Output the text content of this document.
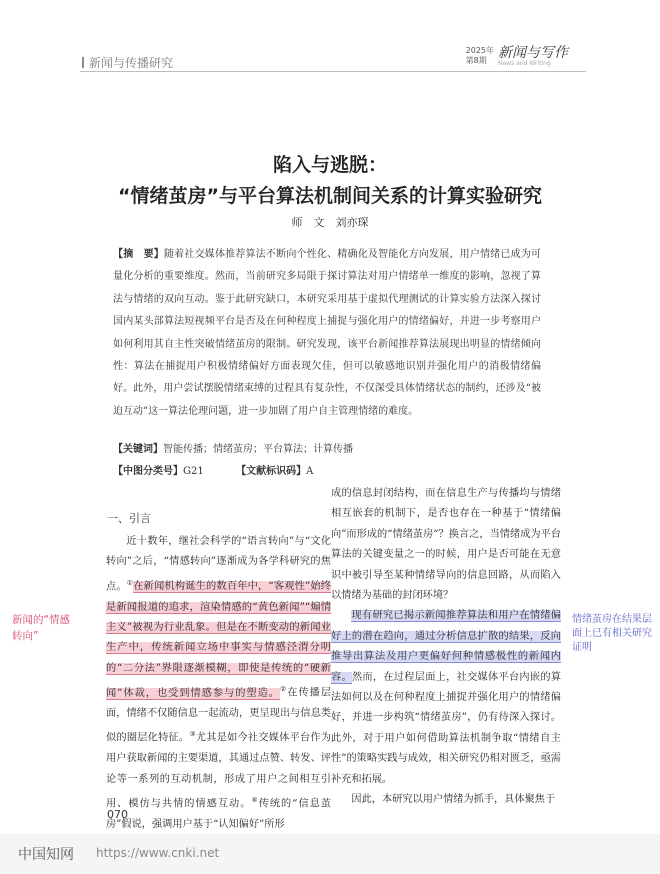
新闻与传播研究
2025年
第8期 新闻与写作
News and Writing
陷入与逃脱：
“情绪茧房”与平台算法机制间关系的计算实验研究
师　文　刘亦琛
【摘　要】随着社交媒体推荐算法不断向个性化、精确化及智能化方向发展，用户情绪已成为可量化分析的重要维度。然而，当前研究多局限于探讨算法对用户情绪单一维度的影响，忽视了算法与情绪的双向互动。鉴于此研究缺口，本研究采用基于虚拟代理测试的计算实验方法深入探讨国内某头部算法短视频平台是否及在何种程度上捕捉与强化用户的情绪偏好，并进一步考察用户如何利用其自主性突破情绪茧房的限制。研究发现，该平台新闻推荐算法展现出明显的情绪倾向性：算法在捕捉用户积极情绪偏好方面表现欠佳，但可以敏感地识别并强化用户的消极情绪偏好。此外，用户尝试摆脱情绪束缚的过程具有复杂性，不仅深受具体情绪状态的制约，还涉及“被迫互动”这一算法伦理问题，进一步加剧了用户自主管理情绪的难度。
【关键词】智能传播；情绪茧房；平台算法；计算传播
【中图分类号】G21	【文献标识码】A
一、引言

近十数年，继社会科学的“语言转向”与“文化转向”之后，“情感转向”逐渐成为各学科研究的焦点。①在新闻机构诞生的数百年中，“客观性”始终是新闻报道的追求，渲染情感的“黄色新闻”“煽情主义”被视为行业乱象。但是在不断变动的新闻业生产中，传统新闻立场中事实与情感泾渭分明的“二分法”界限逐渐模糊，即使是传统的“硬新闻”体裁，也受到情感参与的塑造。②在传播层面，情绪不仅随信息一起流动，更呈现出与信息类似的圈层化特征。③尤其是如今社交媒体平台作为用户获取新闻的主要渠道，其通过点赞、转发、评论等一系列的互动机制，形成了用户之间相互引用、模仿与共情的情感互动。④传统的“信息茧房”假说，强调用户基于“认知偏好”所形

成的信息封闭结构，而在信息生产与传播均与情绪相互嵌套的机制下，是否也存在一种基于“情绪偏向”而形成的“情绪茧房”？换言之，当情绪成为平台算法的关键变量之一的时候，用户是否可能在无意识中被引导至某种情绪导向的信息回路，从而陷入以情绪为基础的封闭环境？

现有研究已揭示新闻推荐算法和用户在情绪偏好上的潜在趋向，通过分析信息扩散的结果，反向推导出算法及用户更偏好何种情感极性的新闻内容。然而，在过程层面上，社交媒体平台内嵌的算法如何以及在何种程度上捕捉并强化用户的情绪偏好，并进一步构筑“情绪茧房”，仍有待深入探讨。此外，对于用户如何借助算法机制争取“情绪自主性”的策略实践与成效，相关研究仍相对匮乏，亟需补充和拓展。

因此，本研究以用户情绪为抓手，具体聚焦于

新闻的“情感转向”
情绪茧房在结果层面上已有相关研究证明
070
中国知网 https://www.cnki.net
